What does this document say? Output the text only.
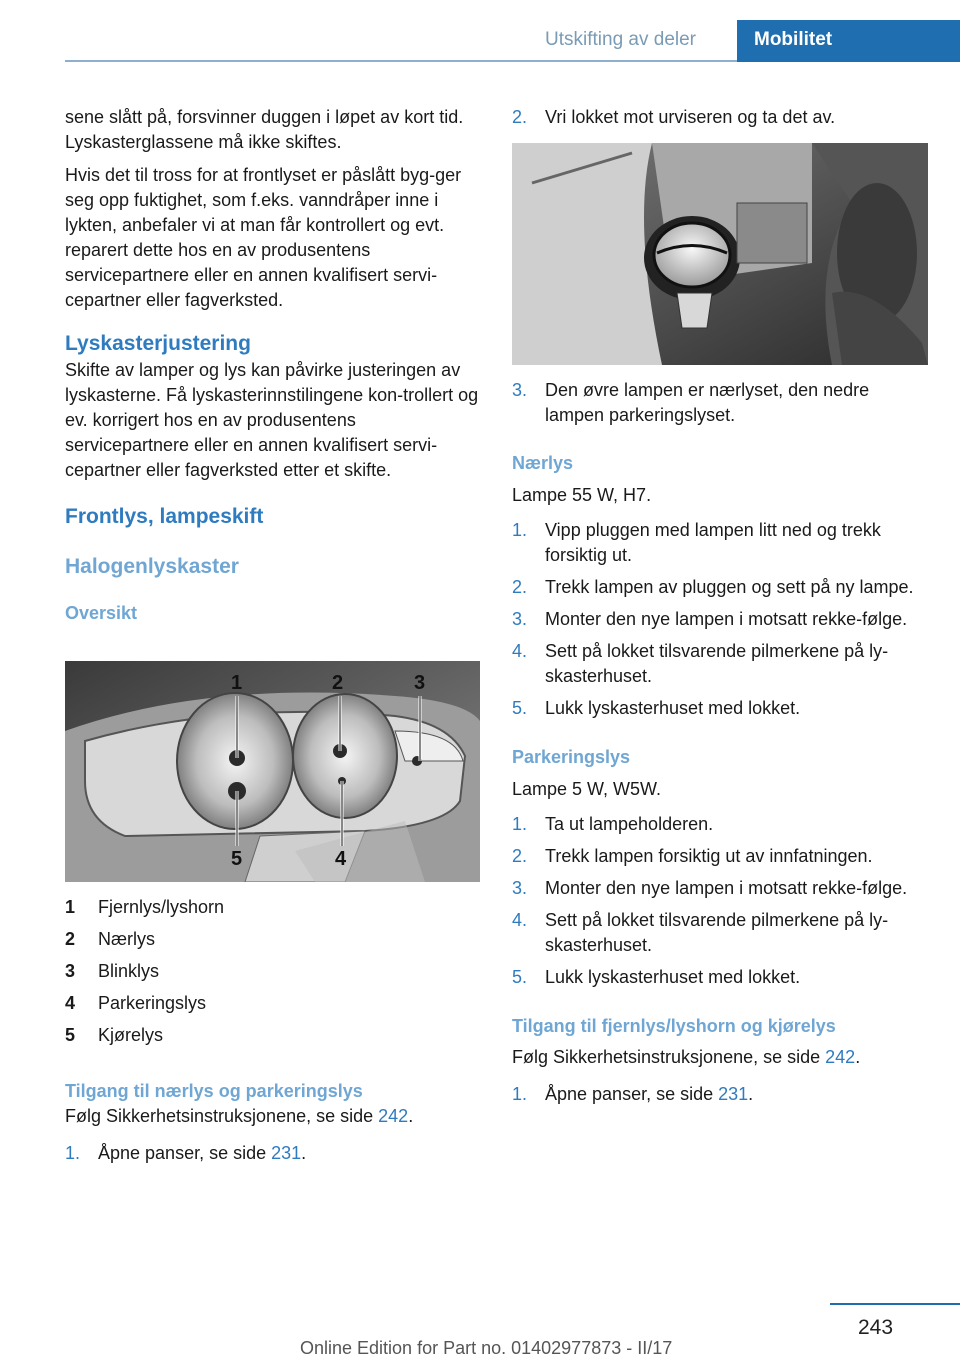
Utskifting av deler	Mobilitet

sene slått på, forsvinner duggen i løpet av kort tid. Lyskasterglassene må ikke skiftes.

Hvis det til tross for at frontlyset er påslått byg‐ger seg opp fuktighet, som f.eks. vanndråper inne i lykten, anbefaler vi at man får kontrollert og evt. reparert dette hos en av produsentens servicepartnere eller en annen kvalifisert servi‐cepartner eller fagverksted.

Lyskasterjustering

Skifte av lamper og lys kan påvirke justeringen av lyskasterne. Få lyskasterinnstilingene kon‐trollert og ev. korrigert hos en av produsentens servicepartnere eller en annen kvalifisert servi‐cepartner eller fagverksted etter et skifte.

Frontlys, lampeskift
Halogenlyskaster
Oversikt
1	2	3
4
5
1 Fjernlys/lyshorn
2 Nærlys
3 Blinklys
4 Parkeringslys
5 Kjørelys
Tilgang til nærlys og parkeringslys

Følg Sikkerhetsinstruksjonene, se side 242.

1. Åpne panser, se side 231.
2. Vri lokket mot urviseren og ta det av.
3. Den øvre lampen er nærlyset, den nedre lampen parkeringslyset.
Nærlys

Lampe 55 W, H7.

1. Vipp pluggen med lampen litt ned og trekk forsiktig ut.
2. Trekk lampen av pluggen og sett på ny lampe.
3. Monter den nye lampen i motsatt rekke‐følge.
4. Sett på lokket tilsvarende pilmerkene på ly‐skasterhuset.
5. Lukk lyskasterhuset med lokket.
Parkeringslys

Lampe 5 W, W5W.

1. Ta ut lampeholderen.
2. Trekk lampen forsiktig ut av innfatningen.
3. Monter den nye lampen i motsatt rekke‐følge.
4. Sett på lokket tilsvarende pilmerkene på ly‐skasterhuset.
5. Lukk lyskasterhuset med lokket.
Tilgang til fjernlys/lyshorn og kjørelys

Følg Sikkerhetsinstruksjonene, se side 242.

1. Åpne panser, se side 231.
243
Online Edition for Part no. 01402977873 - II/17
